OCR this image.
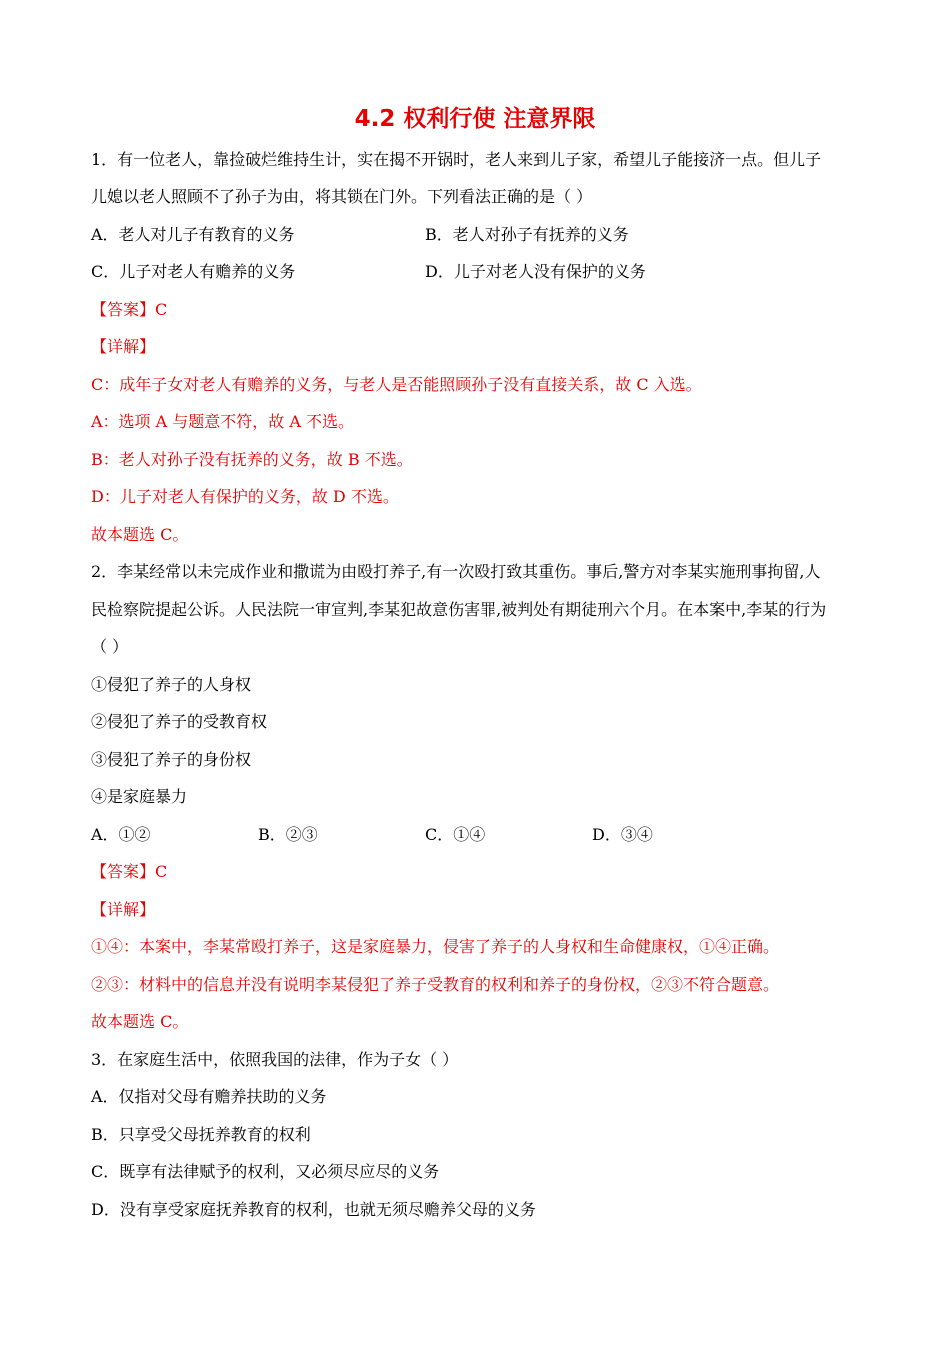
4.2 权利行使 注意界限
1．有一位老人，靠捡破烂维持生计，实在揭不开锅时，老人来到儿子家，希望儿子能接济一点。但儿子
儿媳以老人照顾不了孙子为由，将其锁在门外。下列看法正确的是（ ）
A．老人对儿子有教育的义务	B．老人对孙子有抚养的义务
C．儿子对老人有赡养的义务	D．儿子对老人没有保护的义务
【答案】C
【详解】
C：成年子女对老人有赡养的义务，与老人是否能照顾孙子没有直接关系，故 C 入选。
A：选项 A 与题意不符，故 A 不选。
B：老人对孙子没有抚养的义务，故 B 不选。
D：儿子对老人有保护的义务，故 D 不选。
故本题选 C。
2．李某经常以未完成作业和撒谎为由殴打养子,有一次殴打致其重伤。事后,警方对李某实施刑事拘留,人
民检察院提起公诉。人民法院一审宣判,李某犯故意伤害罪,被判处有期徒刑六个月。在本案中,李某的行为
（ ）
①侵犯了养子的人身权
②侵犯了养子的受教育权
③侵犯了养子的身份权
④是家庭暴力
A．①②	B．②③	C．①④	D．③④
【答案】C
【详解】
①④：本案中，李某常殴打养子，这是家庭暴力，侵害了养子的人身权和生命健康权，①④正确。
②③：材料中的信息并没有说明李某侵犯了养子受教育的权利和养子的身份权，②③不符合题意。
故本题选 C。
3．在家庭生活中，依照我国的法律，作为子女（ ）
A．仅指对父母有赡养扶助的义务
B．只享受父母抚养教育的权利
C．既享有法律赋予的权利，又必须尽应尽的义务
D．没有享受家庭抚养教育的权利，也就无须尽赡养父母的义务
